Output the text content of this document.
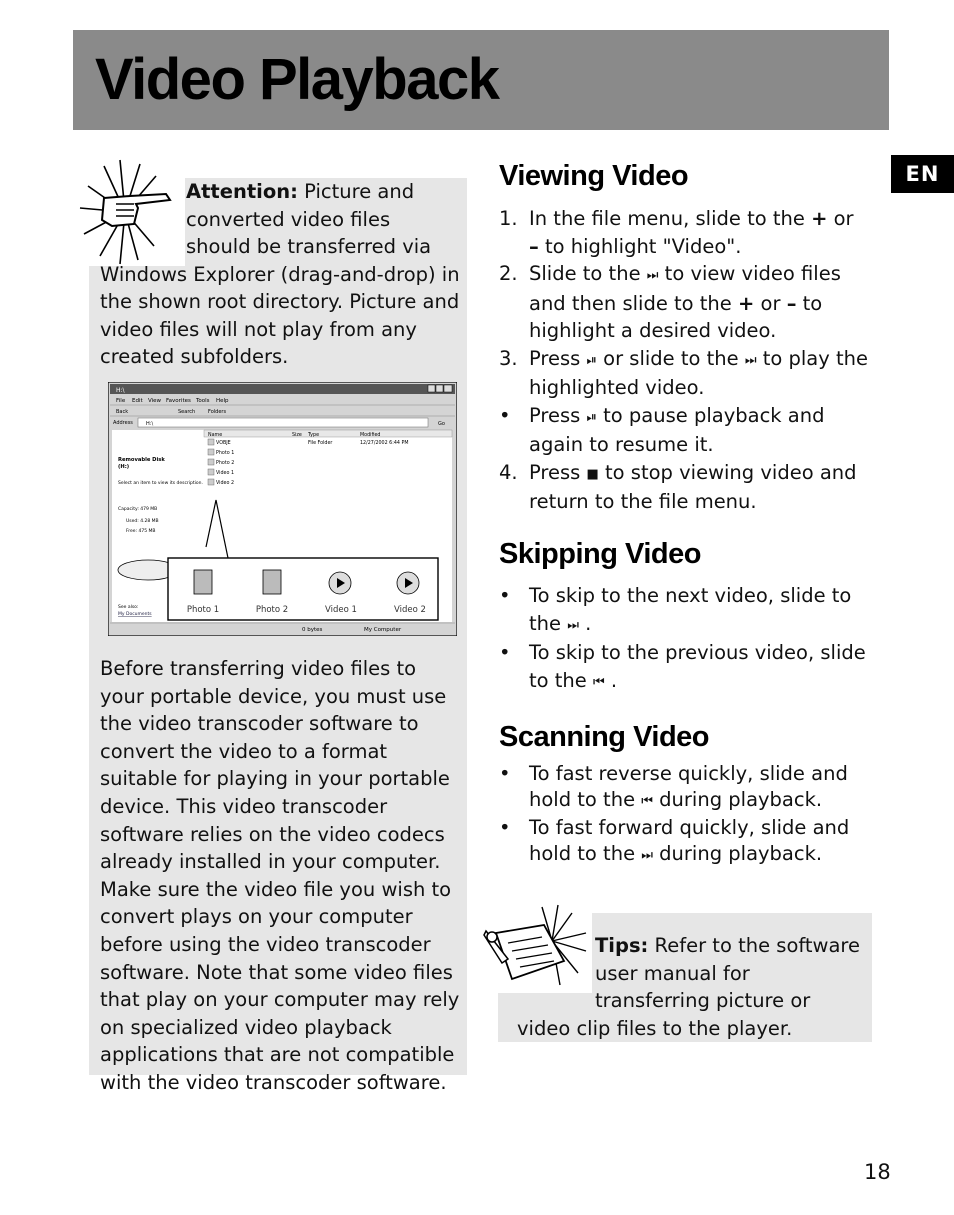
Video Playback
EN

Attention: Picture and converted video files should be transferred via Windows Explorer (drag-and-drop) in the shown root directory. Picture and video files will not play from any created subfolders.

H:\
File Edit View Favorites Tools Help
Back	Search	Folders
Address	H:\	Go
Removable Disk
(H:)
Select an item to view its description.
Capacity: 479 MB
Used: 4.28 MB
Free: 475 MB
See also:
My Documents
Name	Size Type	Modified
VOBJE	File Folder	12/27/2002 6:44 PM
Photo 1
Photo 2
Video 1
Video 2
Photo 1	Photo 2	Video 1	Video 2
0 bytes	My Computer

Before transferring video files to your portable device, you must use the video transcoder software to convert the video to a format suitable for playing in your portable device. This video transcoder software relies on the video codecs already installed in your computer. Make sure the video file you wish to convert plays on your computer before using the video transcoder software. Note that some video files that play on your computer may rely on specialized video playback applications that are not compatible with the video transcoder software.

Viewing Video
1. In the file menu, slide to the + or – to highlight "Video".
2. Slide to the ⏭ to view video files and then slide to the + or – to highlight a desired video.
3. Press ⏯ or slide to the ⏭ to play the highlighted video.
• Press ⏯ to pause playback and again to resume it.
4. Press ■ to stop viewing video and return to the file menu.
Skipping Video
• To skip to the next video, slide to the ⏭ .
• To skip to the previous video, slide to the ⏮ .
Scanning Video
• To fast reverse quickly, slide and hold to the ⏮ during playback.
• To fast forward quickly, slide and hold to the ⏭ during playback.

Tips: Refer to the software user manual for transferring picture or video clip files to the player.

18
